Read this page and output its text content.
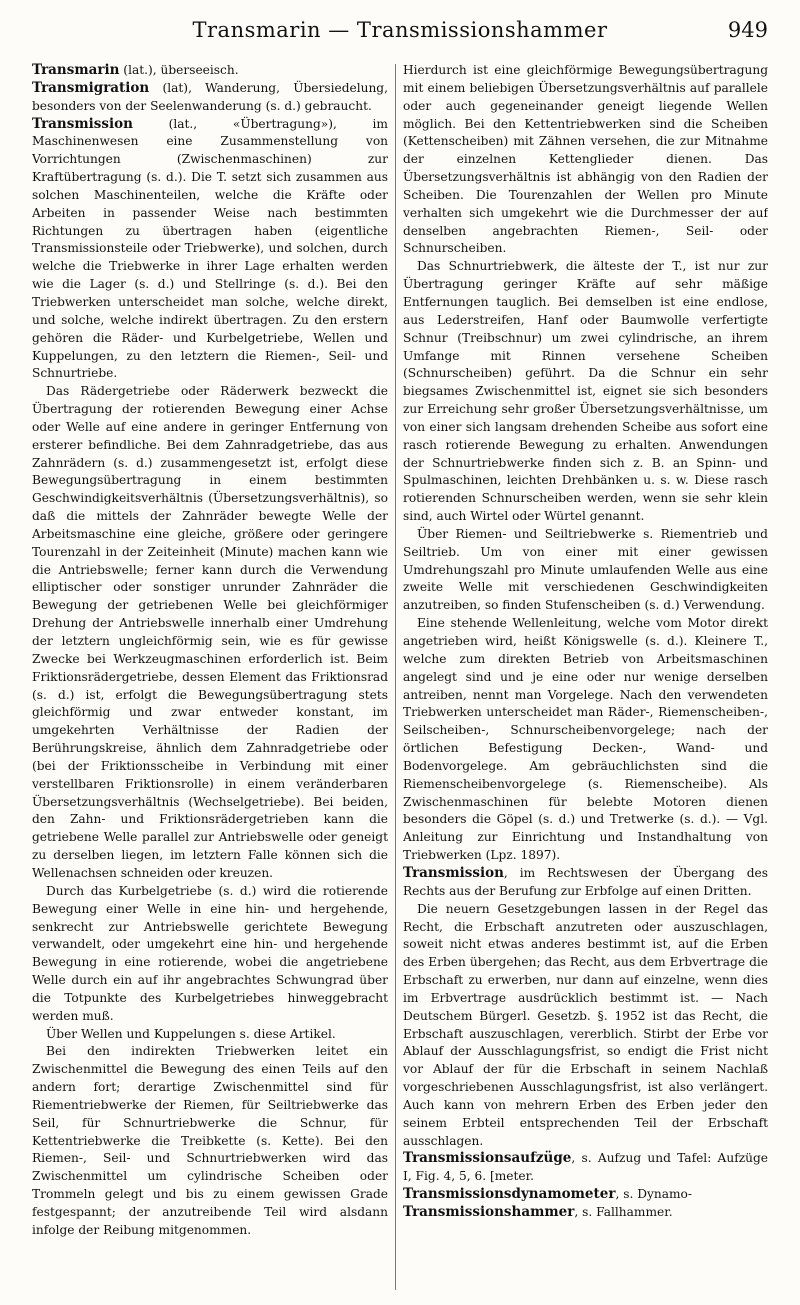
Transmarin — Transmissionshammer	949

Transmarin (lat.), überseeisch.

Transmigration (lat), Wanderung, Übersiedelung, besonders von der Seelenwanderung (s. d.) gebraucht.

Transmission (lat., «Übertragung»), im Maschinenwesen eine Zusammenstellung von Vorrichtungen (Zwischenmaschinen) zur Kraftübertragung (s. d.). Die T. setzt sich zusammen aus solchen Maschinenteilen, welche die Kräfte oder Arbeiten in passender Weise nach bestimmten Richtungen zu übertragen haben (eigentliche Transmissionsteile oder Triebwerke), und solchen, durch welche die Triebwerke in ihrer Lage erhalten werden wie die Lager (s. d.) und Stellringe (s. d.). Bei den Triebwerken unterscheidet man solche, welche direkt, und solche, welche indirekt übertragen. Zu den erstern gehören die Räder- und Kurbelgetriebe, Wellen und Kuppelungen, zu den letztern die Riemen-, Seil- und Schnurtriebe.

Das Rädergetriebe oder Räderwerk bezweckt die Übertragung der rotierenden Bewegung einer Achse oder Welle auf eine andere in geringer Entfernung von ersterer befindliche. Bei dem Zahnradgetriebe, das aus Zahnrädern (s. d.) zusammengesetzt ist, erfolgt diese Bewegungsübertragung in einem bestimmten Geschwindigkeitsverhältnis (Übersetzungsverhältnis), so daß die mittels der Zahnräder bewegte Welle der Arbeitsmaschine eine gleiche, größere oder geringere Tourenzahl in der Zeiteinheit (Minute) machen kann wie die Antriebswelle; ferner kann durch die Verwendung elliptischer oder sonstiger unrunder Zahnräder die Bewegung der getriebenen Welle bei gleichförmiger Drehung der Antriebswelle innerhalb einer Umdrehung der letztern ungleichförmig sein, wie es für gewisse Zwecke bei Werkzeugmaschinen erforderlich ist. Beim Friktionsrädergetriebe, dessen Element das Friktionsrad (s. d.) ist, erfolgt die Bewegungsübertragung stets gleichförmig und zwar entweder konstant, im umgekehrten Verhältnisse der Radien der Berührungskreise, ähnlich dem Zahnradgetriebe oder (bei der Friktionsscheibe in Verbindung mit einer verstellbaren Friktionsrolle) in einem veränderbaren Übersetzungsverhältnis (Wechselgetriebe). Bei beiden, den Zahn- und Friktionsrädergetrieben kann die getriebene Welle parallel zur Antriebswelle oder geneigt zu derselben liegen, im letztern Falle können sich die Wellenachsen schneiden oder kreuzen.

Durch das Kurbelgetriebe (s. d.) wird die rotierende Bewegung einer Welle in eine hin- und hergehende, senkrecht zur Antriebswelle gerichtete Bewegung verwandelt, oder umgekehrt eine hin- und hergehende Bewegung in eine rotierende, wobei die angetriebene Welle durch ein auf ihr angebrachtes Schwungrad über die Totpunkte des Kurbelgetriebes hinweggebracht werden muß.

Über Wellen und Kuppelungen s. diese Artikel.

Bei den indirekten Triebwerken leitet ein Zwischenmittel die Bewegung des einen Teils auf den andern fort; derartige Zwischenmittel sind für Riementriebwerke der Riemen, für Seiltriebwerke das Seil, für Schnurtriebwerke die Schnur, für Kettentriebwerke die Treibkette (s. Kette). Bei den Riemen-, Seil- und Schnurtriebwerken wird das Zwischenmittel um cylindrische Scheiben oder Trommeln gelegt und bis zu einem gewissen Grade festgespannt; der anzutreibende Teil wird alsdann infolge der Reibung mitgenommen.

Hierdurch ist eine gleichförmige Bewegungsübertragung mit einem beliebigen Übersetzungsverhältnis auf parallele oder auch gegeneinander geneigt liegende Wellen möglich. Bei den Kettentriebwerken sind die Scheiben (Kettenscheiben) mit Zähnen versehen, die zur Mitnahme der einzelnen Kettenglieder dienen. Das Übersetzungsverhältnis ist abhängig von den Radien der Scheiben. Die Tourenzahlen der Wellen pro Minute verhalten sich umgekehrt wie die Durchmesser der auf denselben angebrachten Riemen-, Seil- oder Schnurscheiben.

Das Schnurtriebwerk, die älteste der T., ist nur zur Übertragung geringer Kräfte auf sehr mäßige Entfernungen tauglich. Bei demselben ist eine endlose, aus Lederstreifen, Hanf oder Baumwolle verfertigte Schnur (Treibschnur) um zwei cylindrische, an ihrem Umfange mit Rinnen versehene Scheiben (Schnurscheiben) geführt. Da die Schnur ein sehr biegsames Zwischenmittel ist, eignet sie sich besonders zur Erreichung sehr großer Übersetzungsverhältnisse, um von einer sich langsam drehenden Scheibe aus sofort eine rasch rotierende Bewegung zu erhalten. Anwendungen der Schnurtriebwerke finden sich z. B. an Spinn- und Spulmaschinen, leichten Drehbänken u. s. w. Diese rasch rotierenden Schnurscheiben werden, wenn sie sehr klein sind, auch Wirtel oder Würtel genannt.

Über Riemen- und Seiltriebwerke s. Riementrieb und Seiltrieb. Um von einer mit einer gewissen Umdrehungszahl pro Minute umlaufenden Welle aus eine zweite Welle mit verschiedenen Geschwindigkeiten anzutreiben, so finden Stufenscheiben (s. d.) Verwendung.

Eine stehende Wellenleitung, welche vom Motor direkt angetrieben wird, heißt Königswelle (s. d.). Kleinere T., welche zum direkten Betrieb von Arbeitsmaschinen angelegt sind und je eine oder nur wenige derselben antreiben, nennt man Vorgelege. Nach den verwendeten Triebwerken unterscheidet man Räder-, Riemenscheiben-, Seilscheiben-, Schnurscheibenvorgelege; nach der örtlichen Befestigung Decken-, Wand- und Bodenvorgelege. Am gebräuchlichsten sind die Riemenscheibenvorgelege (s. Riemenscheibe). Als Zwischenmaschinen für belebte Motoren dienen besonders die Göpel (s. d.) und Tretwerke (s. d.). — Vgl. Anleitung zur Einrichtung und Instandhaltung von Triebwerken (Lpz. 1897).

Transmission, im Rechtswesen der Übergang des Rechts aus der Berufung zur Erbfolge auf einen Dritten.

Die neuern Gesetzgebungen lassen in der Regel das Recht, die Erbschaft anzutreten oder auszuschlagen, soweit nicht etwas anderes bestimmt ist, auf die Erben des Erben übergehen; das Recht, aus dem Erbvertrage die Erbschaft zu erwerben, nur dann auf einzelne, wenn dies im Erbvertrage ausdrücklich bestimmt ist. — Nach Deutschem Bürgerl. Gesetzb. §. 1952 ist das Recht, die Erbschaft auszuschlagen, vererblich. Stirbt der Erbe vor Ablauf der Ausschlagungsfrist, so endigt die Frist nicht vor Ablauf der für die Erbschaft in seinem Nachlaß vorgeschriebenen Ausschlagungsfrist, ist also verlängert. Auch kann von mehrern Erben des Erben jeder den seinem Erbteil entsprechenden Teil der Erbschaft ausschlagen.

Transmissionsaufzüge, s. Aufzug und Tafel: Aufzüge I, Fig. 4, 5, 6. [meter.

Transmissionsdynamometer, s. Dynamo-

Transmissionshammer, s. Fallhammer.
